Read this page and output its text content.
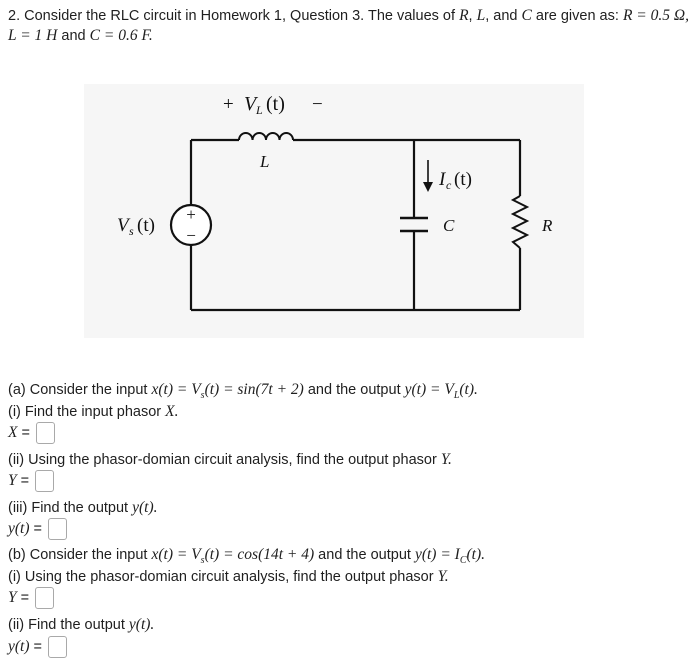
2. Consider the RLC circuit in Homework 1, Question 3. The values of R, L, and C are given as: R = 0.5 Ω,
L = 1 H and C = 0.6 F.
+
−
+ V L (t) −
L
I c (t)
C	R
V s (t)
(a) Consider the input $x(t) = V_s(t) = \sin(7t + 2)$ and the output $y(t) = V_L(t)$.
(i) Find the input phasor X.
X =
(ii) Using the phasor-domian circuit analysis, find the output phasor Y.
Y =
(iii) Find the output y(t).
y(t) =
(b) Consider the input $x(t) = V_s(t) = \cos(14t + 4)$ and the output $y(t) = I_C(t)$.
(i) Using the phasor-domian circuit analysis, find the output phasor Y.
Y =
(ii) Find the output y(t).
y(t) =
